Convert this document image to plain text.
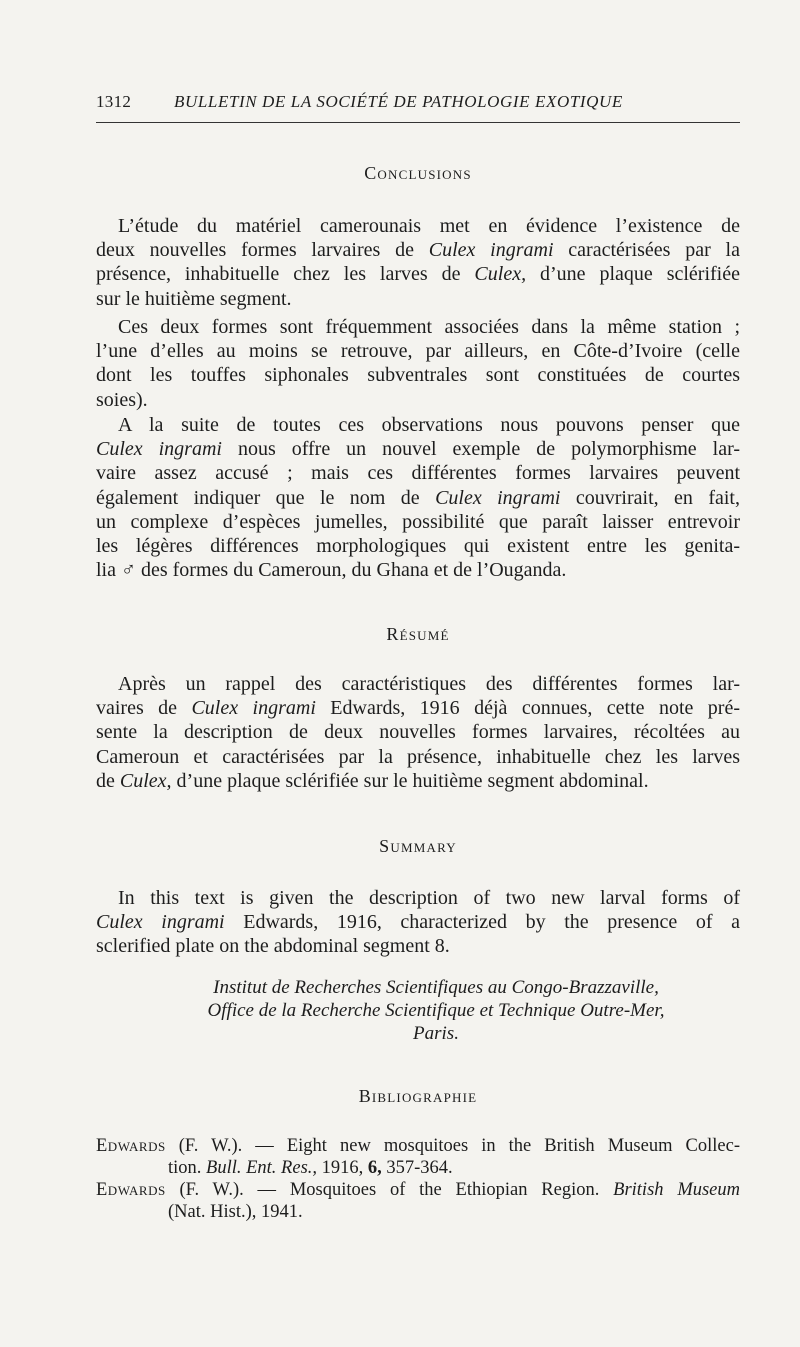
1312	BULLETIN DE LA SOCIÉTÉ DE PATHOLOGIE EXOTIQUE
Conclusions
L’étude du matériel camerounais met en évidence l’existence de
deux nouvelles formes larvaires de Culex ingrami caractérisées par la
présence, inhabituelle chez les larves de Culex, d’une plaque sclérifiée
sur le huitième segment.
Ces deux formes sont fréquemment associées dans la même station ;
l’une d’elles au moins se retrouve, par ailleurs, en Côte-d’Ivoire (celle
dont les touffes siphonales subventrales sont constituées de courtes
soies).
A la suite de toutes ces observations nous pouvons penser que
Culex ingrami nous offre un nouvel exemple de polymorphisme lar-
vaire assez accusé ; mais ces différentes formes larvaires peuvent
également indiquer que le nom de Culex ingrami couvrirait, en fait,
un complexe d’espèces jumelles, possibilité que paraît laisser entrevoir
les légères différences morphologiques qui existent entre les genita-
lia ♂ des formes du Cameroun, du Ghana et de l’Ouganda.
Résumé
Après un rappel des caractéristiques des différentes formes lar-
vaires de Culex ingrami Edwards, 1916 déjà connues, cette note pré-
sente la description de deux nouvelles formes larvaires, récoltées au
Cameroun et caractérisées par la présence, inhabituelle chez les larves
de Culex, d’une plaque sclérifiée sur le huitième segment abdominal.
Summary
In this text is given the description of two new larval forms of
Culex ingrami Edwards, 1916, characterized by the presence of a
sclerified plate on the abdominal segment 8.
Institut de Recherches Scientifiques au Congo-Brazzaville,
Office de la Recherche Scientifique et Technique Outre-Mer,
Paris.
Bibliographie
Edwards (F. W.). — Eight new mosquitoes in the British Museum Collec-
tion. Bull. Ent. Res., 1916, 6, 357-364.
Edwards (F. W.). — Mosquitoes of the Ethiopian Region. British Museum
(Nat. Hist.), 1941.
